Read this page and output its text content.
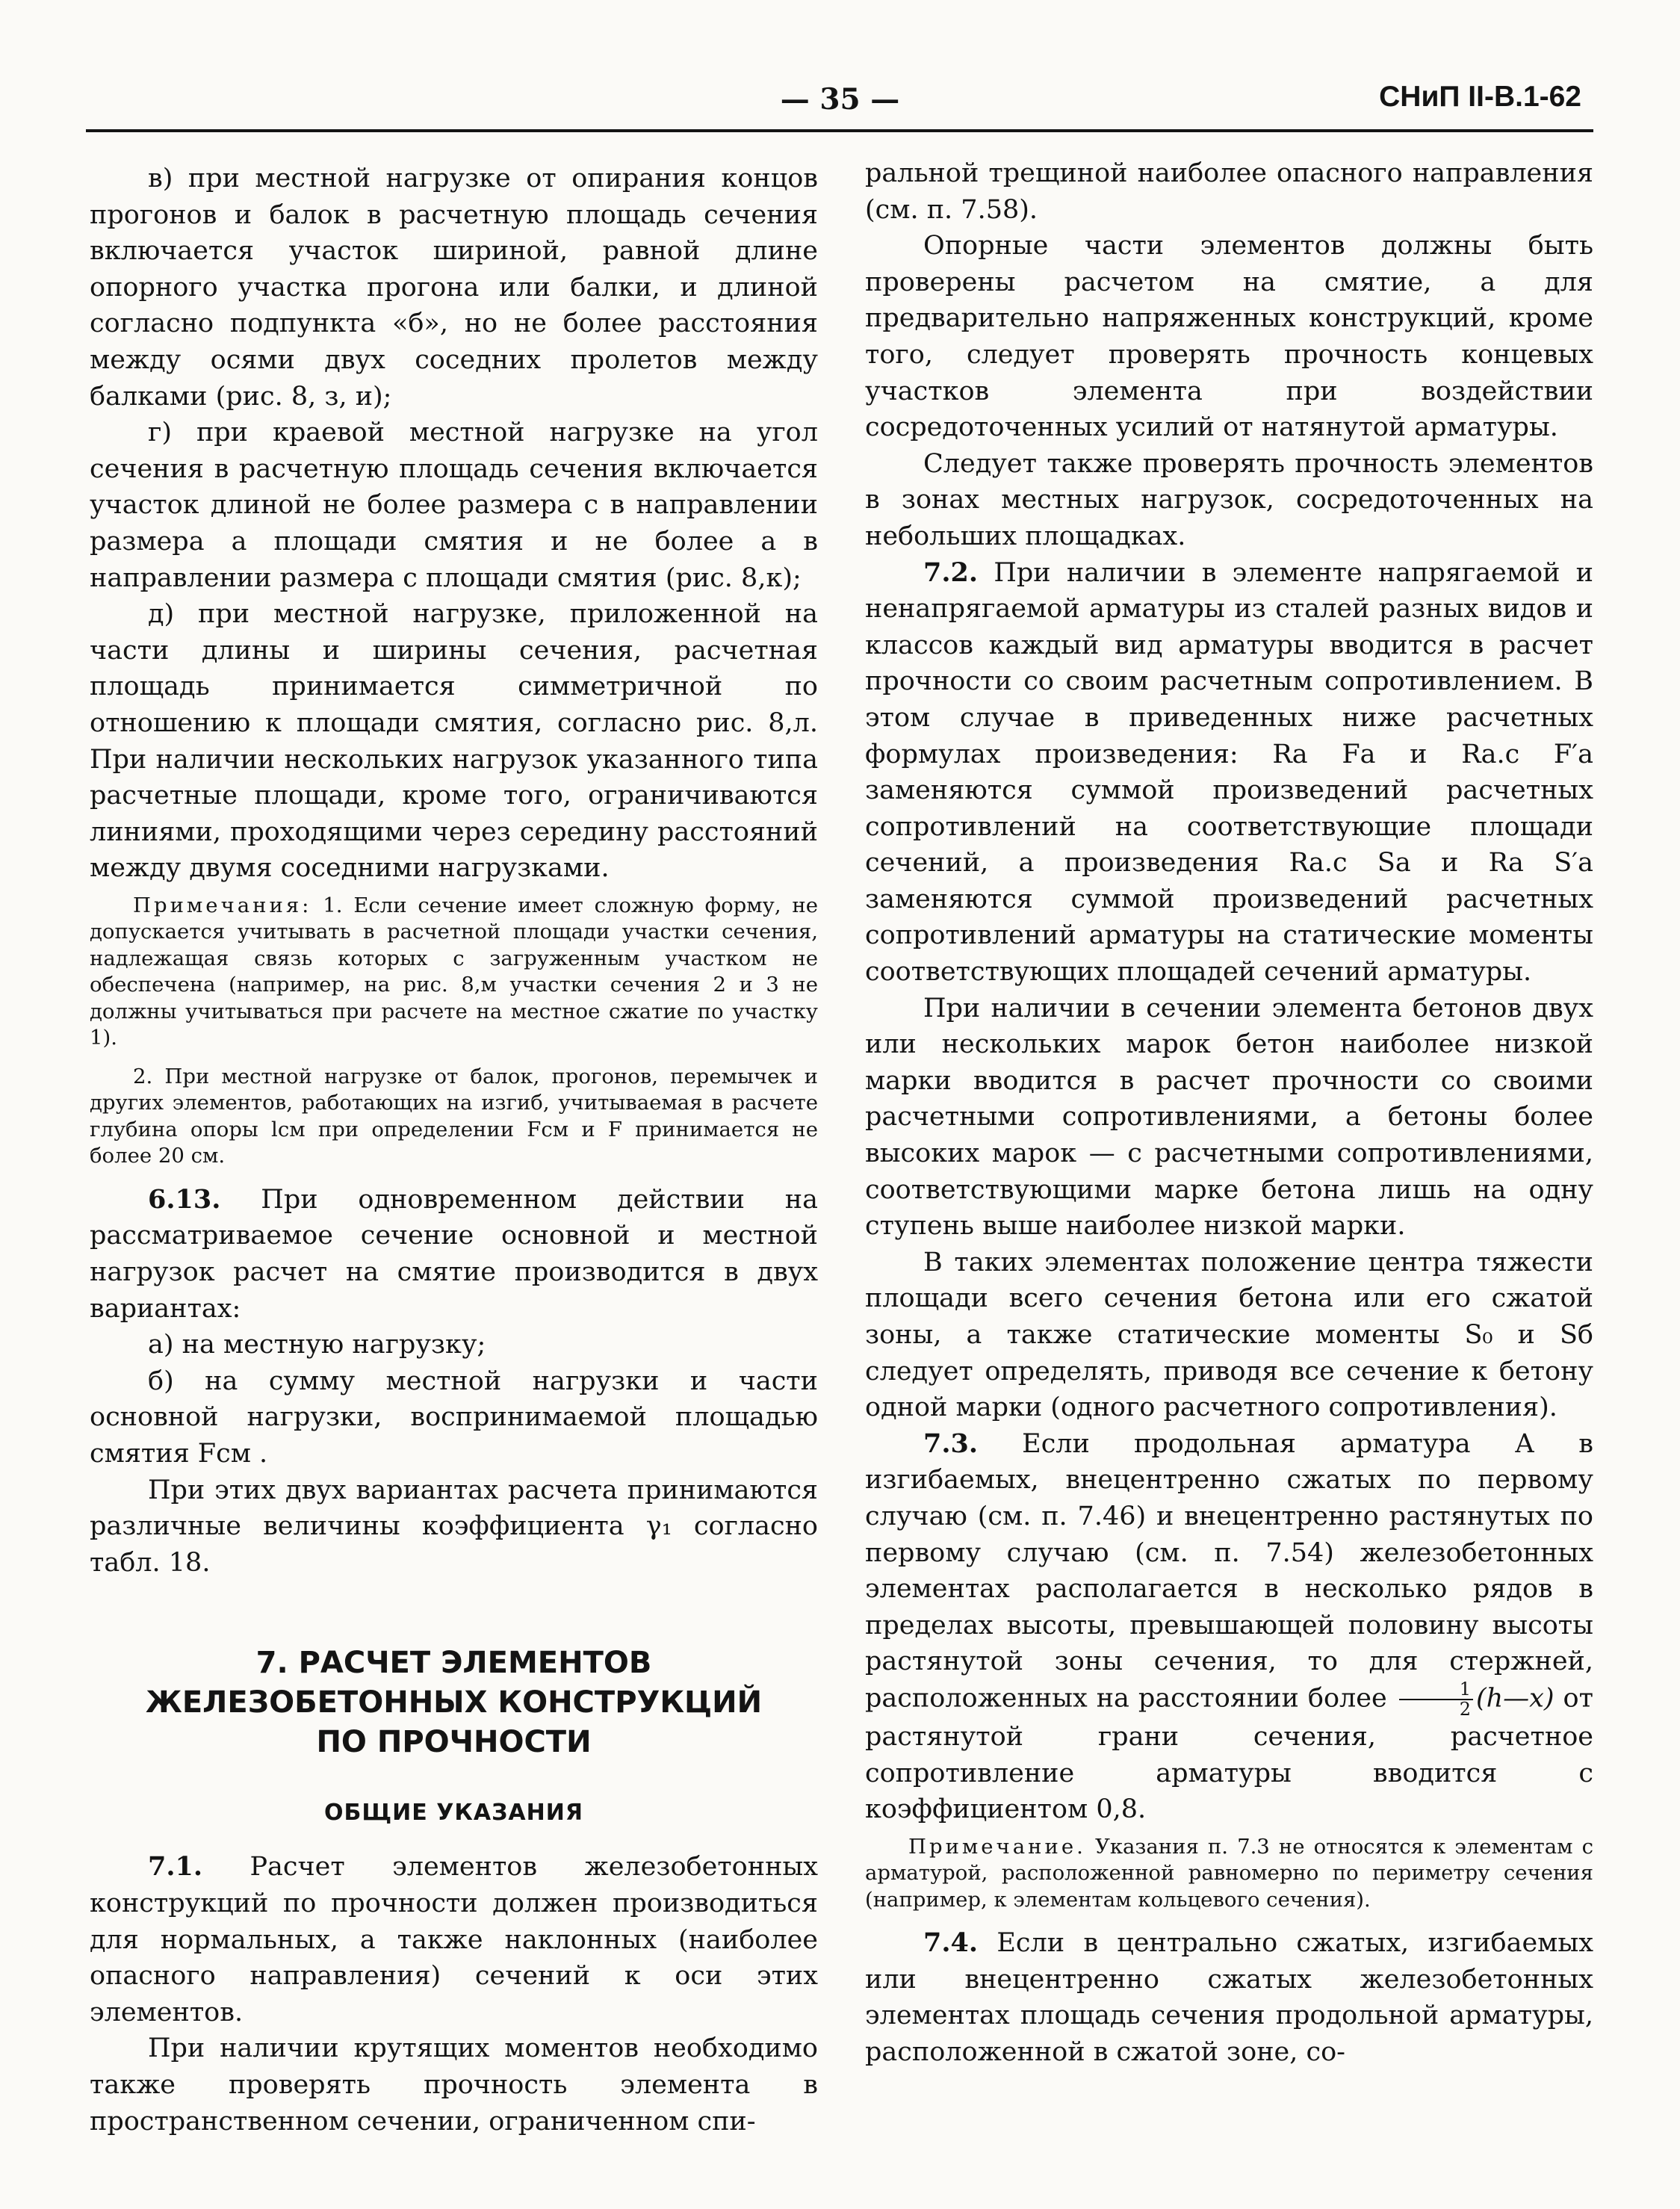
— 35 —	СНиП II-В.1-62

в) при местной нагрузке от опирания концов прогонов и балок в расчетную площадь сечения включается участок шириной, равной длине опорного участка прогона или балки, и длиной согласно подпункта «б», но не более расстояния между осями двух соседних пролетов между балками (рис. 8, з, и);

г) при краевой местной нагрузке на угол сечения в расчетную площадь сечения включается участок длиной не более размера с в направлении размера а площади смятия и не более а в направлении размера с площади смятия (рис. 8,к);

д) при местной нагрузке, приложенной на части длины и ширины сечения, расчетная площадь принимается симметричной по отношению к площади смятия, согласно рис. 8,л. При наличии нескольких нагрузок указанного типа расчетные площади, кроме того, ограничиваются линиями, проходящими через середину расстояний между двумя соседними нагрузками.

Примечания: 1. Если сечение имеет сложную форму, не допускается учитывать в расчетной площади участки сечения, надлежащая связь которых с загруженным участком не обеспечена (например, на рис. 8,м участки сечения 2 и 3 не должны учитываться при расчете на местное сжатие по участку 1).

2. При местной нагрузке от балок, прогонов, перемычек и других элементов, работающих на изгиб, учитываемая в расчете глубина опоры lсм при определении Fсм и F принимается не более 20 см.

6.13. При одновременном действии на рассматриваемое сечение основной и местной нагрузок расчет на смятие производится в двух вариантах:

а) на местную нагрузку;

б) на сумму местной нагрузки и части основной нагрузки, воспринимаемой площадью смятия Fсм .

При этих двух вариантах расчета принимаются различные величины коэффициента γ₁ согласно табл. 18.

7. РАСЧЕТ ЭЛЕМЕНТОВ
ЖЕЛЕЗОБЕТОННЫХ КОНСТРУКЦИЙ
ПО ПРОЧНОСТИ
ОБЩИЕ УКАЗАНИЯ

7.1. Расчет элементов железобетонных конструкций по прочности должен производиться для нормальных, а также наклонных (наиболее опасного направления) сечений к оси этих элементов.

При наличии крутящих моментов необходимо также проверять прочность элемента в пространственном сечении, ограниченном спи-

ральной трещиной наиболее опасного направления (см. п. 7.58).

Опорные части элементов должны быть проверены расчетом на смятие, а для предварительно напряженных конструкций, кроме того, следует проверять прочность концевых участков элемента при воздействии сосредоточенных усилий от натянутой арматуры.

Следует также проверять прочность элементов в зонах местных нагрузок, сосредоточенных на небольших площадках.

7.2. При наличии в элементе напрягаемой и ненапрягаемой арматуры из сталей разных видов и классов каждый вид арматуры вводится в расчет прочности со своим расчетным сопротивлением. В этом случае в приведенных ниже расчетных формулах произведения: Rа Fа и Rа.с F′а заменяются суммой произведений расчетных сопротивлений на соответствующие площади сечений, а произведения Rа.с Sа и Rа S′а заменяются суммой произведений расчетных сопротивлений арматуры на статические моменты соответствующих площадей сечений арматуры.

При наличии в сечении элемента бетонов двух или нескольких марок бетон наиболее низкой марки вводится в расчет прочности со своими расчетными сопротивлениями, а бетоны более высоких марок — с расчетными сопротивлениями, соответствующими марке бетона лишь на одну ступень выше наиболее низкой марки.

В таких элементах положение центра тяжести площади всего сечения бетона или его сжатой зоны, а также статические моменты S₀ и Sб следует определять, приводя все сечение к бетону одной марки (одного расчетного сопротивления).

7.3. Если продольная арматура А в изгибаемых, внецентренно сжатых по первому случаю (см. п. 7.46) и внецентренно растянутых по первому случаю (см. п. 7.54) железобетонных элементах располагается в несколько рядов в пределах высоты, превышающей половину высоты растянутой зоны сечения, то для стержней, расположенных на расстоянии более $\frac{1}{2}$ (h—x) от растянутой грани сечения, расчетное сопротивление арматуры вводится с коэффициентом 0,8.

Примечание. Указания п. 7.3 не относятся к элементам с арматурой, расположенной равномерно по периметру сечения (например, к элементам кольцевого сечения).

7.4. Если в центрально сжатых, изгибаемых или внецентренно сжатых железобетонных элементах площадь сечения продольной арматуры, расположенной в сжатой зоне, со-
